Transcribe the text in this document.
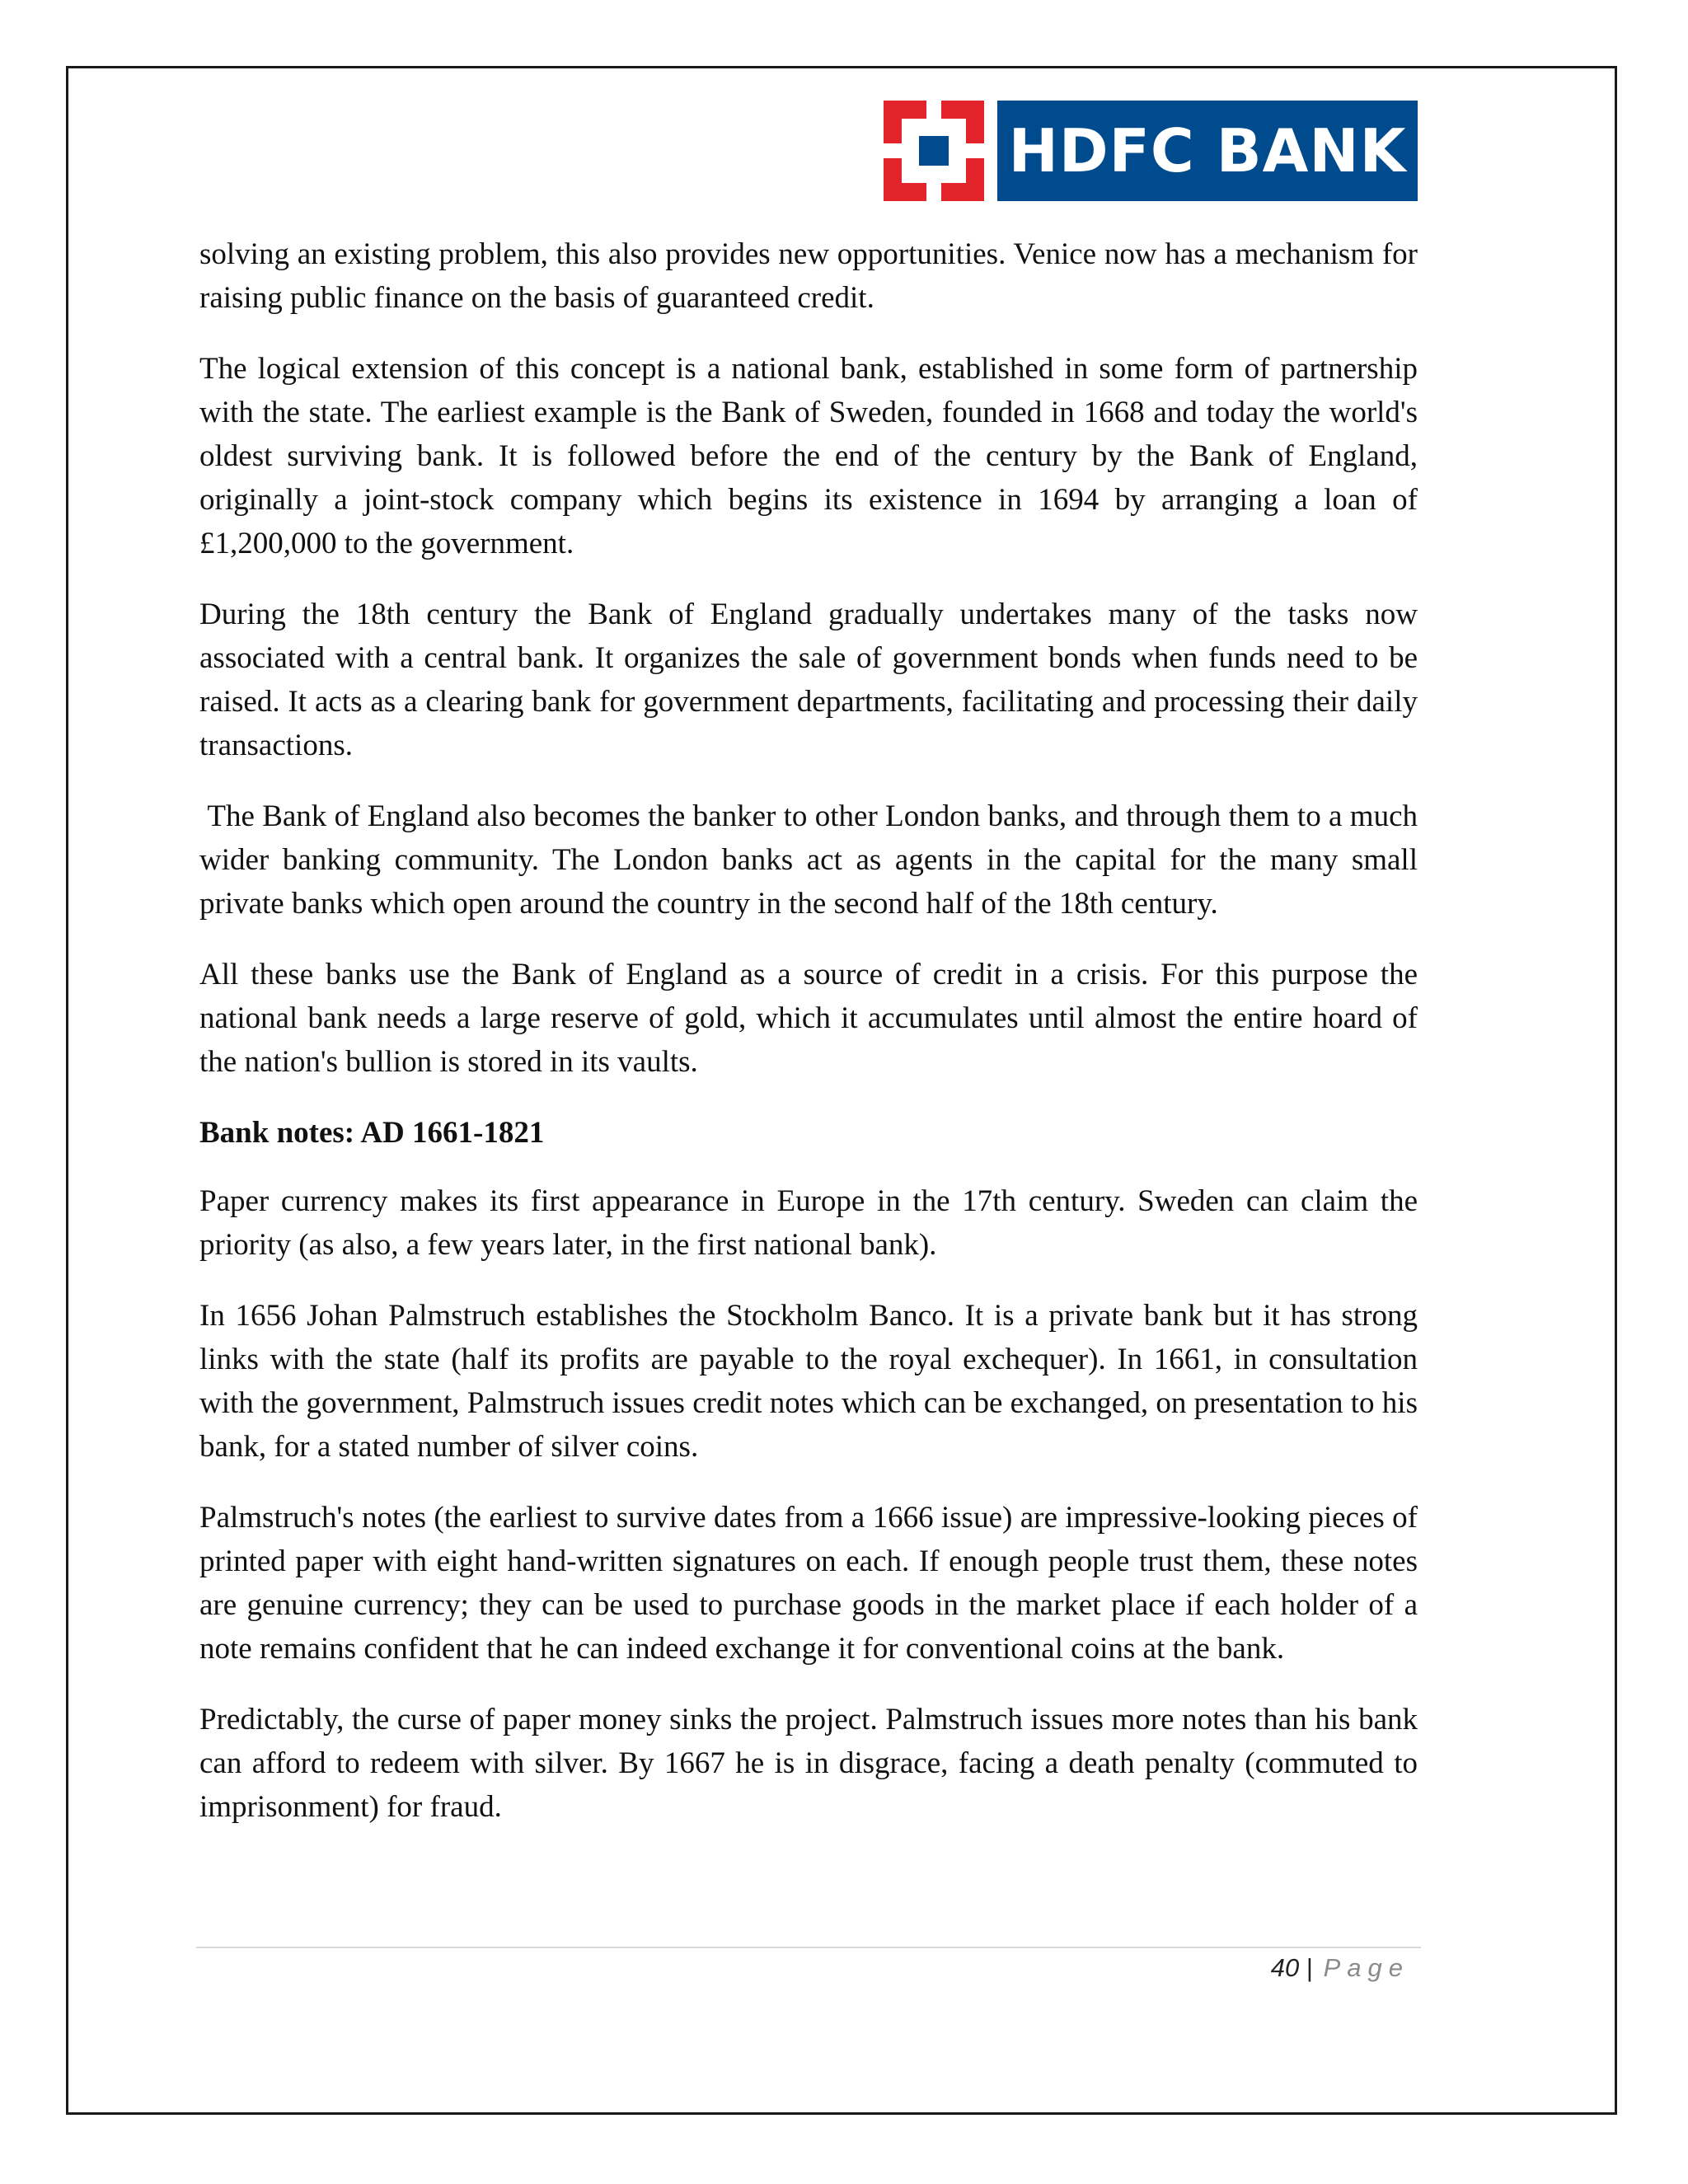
HDFC BANK

solving an existing problem, this also provides new opportunities. Venice now has a mechanism for raising public finance on the basis of guaranteed credit.

The logical extension of this concept is a national bank, established in some form of partnership with the state. The earliest example is the Bank of Sweden, founded in 1668 and today the world's oldest surviving bank. It is followed before the end of the century by the Bank of England, originally a joint-stock company which begins its existence in 1694 by arranging a loan of £1,200,000 to the government.

During the 18th century the Bank of England gradually undertakes many of the tasks now associated with a central bank. It organizes the sale of government bonds when funds need to be raised. It acts as a clearing bank for government departments, facilitating and processing their daily transactions.

The Bank of England also becomes the banker to other London banks, and through them to a much wider banking community. The London banks act as agents in the capital for the many small private banks which open around the country in the second half of the 18th century.

All these banks use the Bank of England as a source of credit in a crisis. For this purpose the national bank needs a large reserve of gold, which it accumulates until almost the entire hoard of the nation's bullion is stored in its vaults.

Bank notes: AD 1661-1821

Paper currency makes its first appearance in Europe in the 17th century. Sweden can claim the priority (as also, a few years later, in the first national bank).

In 1656 Johan Palmstruch establishes the Stockholm Banco. It is a private bank but it has strong links with the state (half its profits are payable to the royal exchequer). In 1661, in consultation with the government, Palmstruch issues credit notes which can be exchanged, on presentation to his bank, for a stated number of silver coins.

Palmstruch's notes (the earliest to survive dates from a 1666 issue) are impressive-looking pieces of printed paper with eight hand-written signatures on each. If enough people trust them, these notes are genuine currency; they can be used to purchase goods in the market place if each holder of a note remains confident that he can indeed exchange it for conventional coins at the bank.

Predictably, the curse of paper money sinks the project. Palmstruch issues more notes than his bank can afford to redeem with silver. By 1667 he is in disgrace, facing a death penalty (commuted to imprisonment) for fraud.

40 | Page
